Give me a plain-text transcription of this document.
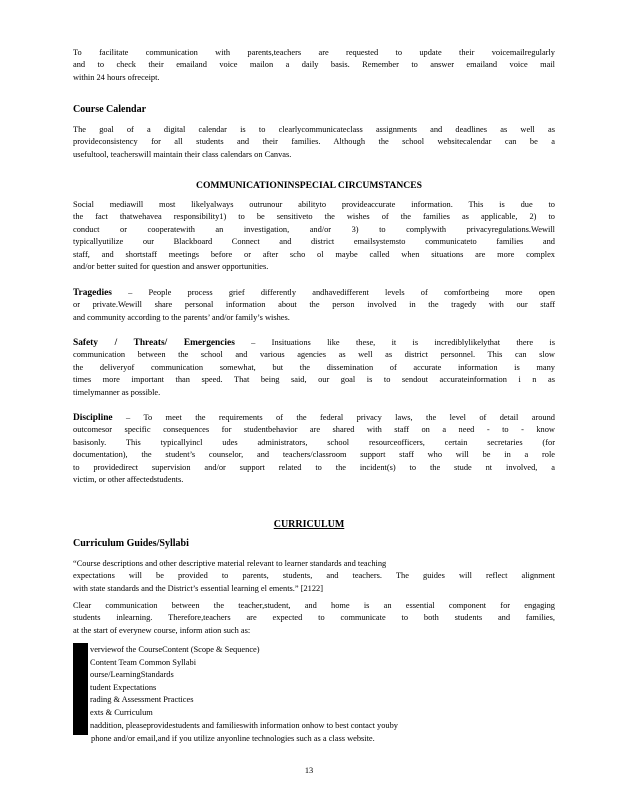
To facilitate communication with parents,teachers are requested to update their voicemailregularly

and to check their emailand voice mailon a daily basis. Remember to answer emailand voice mail

within 24 hours ofreceipt.

Course Calendar

The goal of a digital calendar is to clearlycommunicateclass assignments and deadlines as well as

provideconsistency for all students and their families. Although the school websitecalendar can be a

usefultool, teacherswill maintain their class calendars on Canvas.

COMMUNICATIONINSPECIAL CIRCUMSTANCES

Social mediawill most likelyalways outrunour abilityto provideaccurate information. This is due to

the fact thatwehavea responsibility1) to be sensitiveto the wishes of the families as applicable, 2) to

conduct or cooperatewith an investigation, and/or 3) to complywith privacyregulations.Wewill

typicallyutilize our Blackboard Connect and district emailsystemsto communicateto families and

staff, and shortstaff meetings before or after scho ol maybe called when situations are more complex

and/or better suited for question and answer opportunities.

Tragedies – People process grief differently andhavedifferent levels of comfortbeing more open

or private.Wewill share personal information about the person involved in the tragedy with our staff

and community according to the parents’ and/or family’s wishes.

Safety / Threats/ Emergencies – Insituations like these, it is incrediblylikelythat there is

communication between the school and various agencies as well as district personnel. This can slow

the deliveryof communication somewhat, but the dissemination of accurate information is many

times more important than speed. That being said, our goal is to sendout accurateinformation i n as

timelymanner as possible.

Discipline – To meet the requirements of the federal privacy laws, the level of detail around

outcomesor specific consequences for studentbehavior are shared with staff on a need - to - know

basisonly. This typicallyincl udes administrators, school resourceofficers, certain secretaries (for

documentation), the student’s counselor, and teachers/classroom support staff who will be in a role

to providedirect supervision and/or support related to the incident(s) to the stude nt involved, a

victim, or other affectedstudents.

CURRICULUM
Curriculum Guides/Syllabi

“Course descriptions and other descriptive material relevant to learner standards and teaching

expectations will be provided to parents, students, and teachers. The guides will reflect alignment

with state standards and the District’s essential learning el ements.” [2122]

Clear communication between the teacher,student, and home is an essential component for engaging

students inlearning. Therefore,teachers are expected to communicate to both students and families,

at the start of everynew course, inform ation such as:

verviewof the CourseContent (Scope & Sequence)
Content Team Common Syllabi
ourse/LearningStandards
tudent Expectations
rading & Assessment Practices
exts & Curriculum
naddition, pleaseprovidestudents and familieswith information onhow to best contact youby

phone and/or email,and if you utilize anyonline technologies such as a class website.

13
